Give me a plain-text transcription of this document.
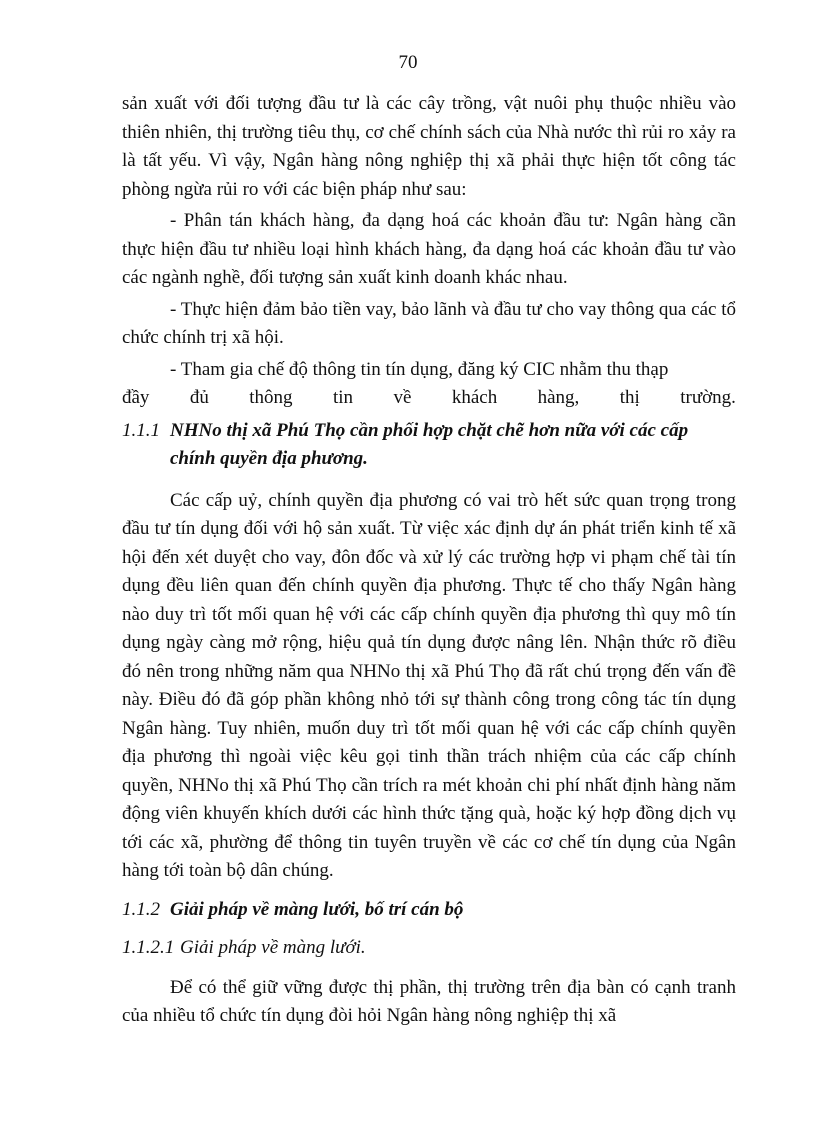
70

sản xuất với đối tượng đầu tư là các cây trồng, vật nuôi phụ thuộc nhiều vào thiên nhiên, thị trường tiêu thụ, cơ chế chính sách của Nhà nước thì rủi ro xảy ra là tất yếu. Vì vậy, Ngân hàng nông nghiệp thị xã phải thực hiện tốt công tác phòng ngừa rủi ro với các biện pháp như sau:

- Phân tán khách hàng, đa dạng hoá các khoản đầu tư: Ngân hàng cần thực hiện đầu tư nhiều loại hình khách hàng, đa dạng hoá các khoản đầu tư vào các ngành nghề, đối tượng sản xuất kinh doanh khác nhau.

- Thực hiện đảm bảo tiền vay, bảo lãnh và đầu tư cho vay thông qua các tổ chức chính trị xã hội.

- Tham gia chế độ thông tin tín dụng, đăng ký CIC nhằm thu thạp

đầy đủ thông tin về khách hàng, thị trường.
1.1.1 NHNo thị xã Phú Thọ cần phối hợp chặt chẽ hơn nữa với các cấp chính quyền địa phương.

Các cấp uỷ, chính quyền địa phương có vai trò hết sức quan trọng trong đầu tư tín dụng đối với hộ sản xuất. Từ việc xác định dự án phát triển kinh tế xã hội đến xét duyệt cho vay, đôn đốc và xử lý các trường hợp vi phạm chế tài tín dụng đều liên quan đến chính quyền địa phương. Thực tế cho thấy Ngân hàng nào duy trì tốt mối quan hệ với các cấp chính quyền địa phương thì quy mô tín dụng ngày càng mở rộng, hiệu quả tín dụng được nâng lên. Nhận thức rõ điều đó nên trong những năm qua NHNo thị xã Phú Thọ đã rất chú trọng đến vấn đề này. Điều đó đã góp phần không nhỏ tới sự thành công trong công tác tín dụng Ngân hàng. Tuy nhiên, muốn duy trì tốt mối quan hệ với các cấp chính quyền địa phương thì ngoài việc kêu gọi tinh thần trách nhiệm của các cấp chính quyền, NHNo thị xã Phú Thọ cần trích ra mét khoản chi phí nhất định hàng năm động viên khuyến khích dưới các hình thức tặng quà, hoặc ký hợp đồng dịch vụ tới các xã, phường để thông tin tuyên truyền về các cơ chế tín dụng của Ngân hàng tới toàn bộ dân chúng.

1.1.2 Giải pháp về màng lưới, bố trí cán bộ
1.1.2.1 Giải pháp về màng lưới.

Để có thể giữ vững được thị phần, thị trường trên địa bàn có cạnh tranh của nhiều tổ chức tín dụng đòi hỏi Ngân hàng nông nghiệp thị xã
